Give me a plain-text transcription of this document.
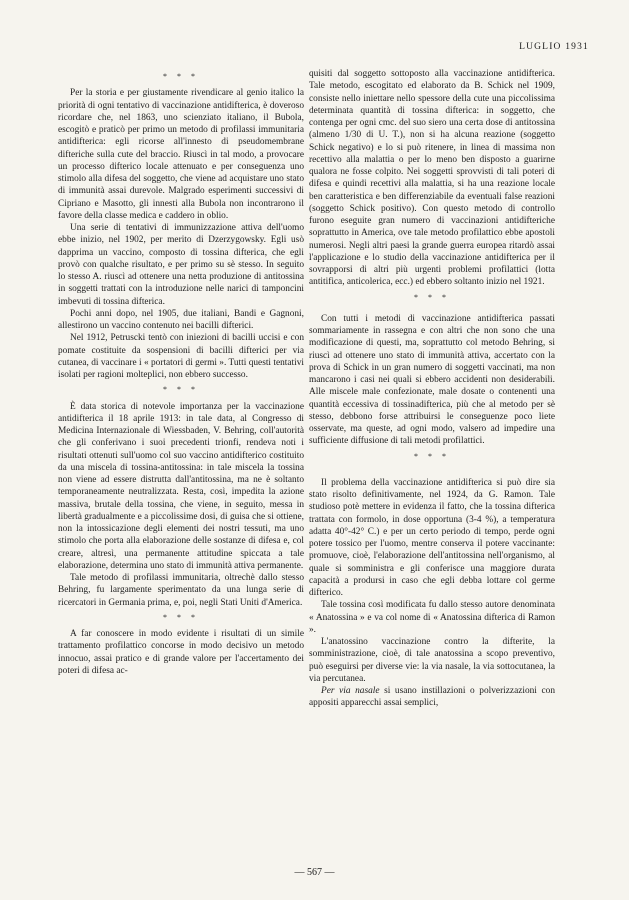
LUGLIO 1931
* * *

Per la storia e per giustamente rivendicare al genio italico la priorità di ogni tentativo di vaccinazione antidifterica, è doveroso ricordare che, nel 1863, uno scienziato italiano, il Bubola, escogitò e praticò per primo un metodo di profilassi immunitaria antidifterica: egli ricorse all'innesto di pseudomembrane difteriche sulla cute del braccio. Riuscì in tal modo, a provocare un processo difterico locale attenuato e per conseguenza uno stimolo alla difesa del soggetto, che viene ad acquistare uno stato di immunità assai durevole. Malgrado esperimenti successivi di Cipriano e Masotto, gli innesti alla Bubola non incontrarono il favore della classe medica e caddero in oblio.

Una serie di tentativi di immunizzazione attiva dell'uomo ebbe inizio, nel 1902, per merito di Dzerzygowsky. Egli usò dapprima un vaccino, composto di tossina difterica, che egli provò con qualche risultato, e per primo su sè stesso. In seguito lo stesso A. riuscì ad ottenere una netta produzione di antitossina in soggetti trattati con la introduzione nelle narici di tamponcini imbevuti di tossina difterica.

Pochi anni dopo, nel 1905, due italiani, Bandi e Gagnoni, allestirono un vaccino contenuto nei bacilli difterici.

Nel 1912, Petruscki tentò con iniezioni di bacilli uccisi e con pomate costituite da sospensioni di bacilli difterici per via cutanea, di vaccinare i « portatori di germi ». Tutti questi tentativi isolati per ragioni molteplici, non ebbero successo.

* * *

È data storica di notevole importanza per la vaccinazione antidifterica il 18 aprile 1913: in tale data, al Congresso di Medicina Internazionale di Wiessbaden, V. Behring, coll'autorità che gli conferivano i suoi precedenti trionfi, rendeva noti i risultati ottenuti sull'uomo col suo vaccino antidifterico costituito da una miscela di tossina-antitossina: in tale miscela la tossina non viene ad essere distrutta dall'antitossina, ma ne è soltanto temporaneamente neutralizzata. Resta, così, impedita la azione massiva, brutale della tossina, che viene, in seguito, messa in libertà gradualmente e a piccolissime dosi, di guisa che si ottiene, non la intossicazione degli elementi dei nostri tessuti, ma uno stimolo che porta alla elaborazione delle sostanze di difesa e, col creare, altresì, una permanente attitudine spiccata a tale elaborazione, determina uno stato di immunità attiva permanente.

Tale metodo di profilassi immunitaria, oltrechè dallo stesso Behring, fu largamente sperimentato da una lunga serie di ricercatori in Germania prima, e, poi, negli Stati Uniti d'America.

* * *

A far conoscere in modo evidente i risultati di un simile trattamento profilattico concorse in modo decisivo un metodo innocuo, assai pratico e di grande valore per l'accertamento dei poteri di difesa ac-

quisiti dal soggetto sottoposto alla vaccinazione antidifterica. Tale metodo, escogitato ed elaborato da B. Schick nel 1909, consiste nello iniettare nello spessore della cute una piccolissima determinata quantità di tossina difterica: in soggetto, che contenga per ogni cmc. del suo siero una certa dose di antitossina (almeno 1/30 di U. T.), non si ha alcuna reazione (soggetto Schick negativo) e lo si può ritenere, in linea di massima non recettivo alla malattia o per lo meno ben disposto a guarirne qualora ne fosse colpito. Nei soggetti sprovvisti di tali poteri di difesa e quindi recettivi alla malattia, si ha una reazione locale ben caratteristica e ben differenziabile da eventuali false reazioni (soggetto Schick positivo). Con questo metodo di controllo furono eseguite gran numero di vaccinazioni antidifteriche soprattutto in America, ove tale metodo profilattico ebbe apostoli numerosi. Negli altri paesi la grande guerra europea ritardò assai l'applicazione e lo studio della vaccinazione antidifterica per il sovrapporsi di altri più urgenti problemi profilattici (lotta antitifica, anticolerica, ecc.) ed ebbero soltanto inizio nel 1921.

* * *

Con tutti i metodi di vaccinazione antidifterica passati sommariamente in rassegna e con altri che non sono che una modificazione di questi, ma, soprattutto col metodo Behring, si riuscì ad ottenere uno stato di immunità attiva, accertato con la prova di Schick in un gran numero di soggetti vaccinati, ma non mancarono i casi nei quali si ebbero accidenti non desiderabili. Alle miscele male confezionate, male dosate o contenenti una quantità eccessiva di tossinadifterica, più che al metodo per sè stesso, debbono forse attribuirsi le conseguenze poco liete osservate, ma queste, ad ogni modo, valsero ad impedire una sufficiente diffusione di tali metodi profilattici.

* * *

Il problema della vaccinazione antidifterica si può dire sia stato risolto definitivamente, nel 1924, da G. Ramon. Tale studioso potè mettere in evidenza il fatto, che la tossina difterica trattata con formolo, in dose opportuna (3-4 %), a temperatura adatta 40°-42° C.) e per un certo periodo di tempo, perde ogni potere tossico per l'uomo, mentre conserva il potere vaccinante: promuove, cioè, l'elaborazione dell'antitossina nell'organismo, al quale si somministra e gli conferisce una maggiore durata capacità a prodursi in caso che egli debba lottare col germe difterico.

Tale tossina così modificata fu dallo stesso autore denominata « Anatossina » e va col nome di « Anatossina difterica di Ramon ».

L'anatossino vaccinazione contro la difterite, la somministrazione, cioè, di tale anatossina a scopo preventivo, può eseguirsi per diverse vie: la via nasale, la via sottocutanea, la via percutanea.

Per via nasale si usano instillazioni o polverizzazioni con appositi apparecchi assai semplici,

— 567 —
